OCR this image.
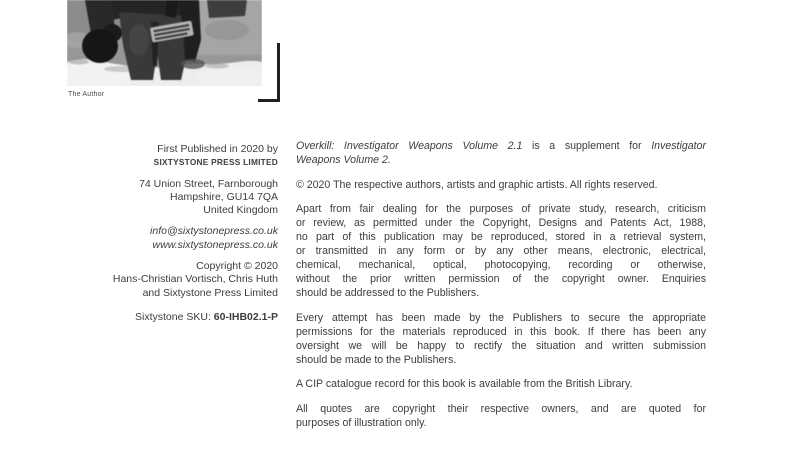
The Author
First Published in 2020 by
SIXTYSTONE PRESS LIMITED
74 Union Street, Farnborough
Hampshire, GU14 7QA
United Kingdom
info@sixtystonepress.co.uk
www.sixtystonepress.co.uk
Copyright © 2020
Hans-Christian Vortisch, Chris Huth
and Sixtystone Press Limited
Sixtystone SKU: 60-IHB02.1-P
Overkill: Investigator Weapons Volume 2.1 is a supplement for Investigator
Weapons Volume 2.
© 2020 The respective authors, artists and graphic artists. All rights reserved.
Apart from fair dealing for the purposes of private study, research, criticism
or review, as permitted under the Copyright, Designs and Patents Act, 1988,
no part of this publication may be reproduced, stored in a retrieval system,
or transmitted in any form or by any other means, electronic, electrical,
chemical, mechanical, optical, photocopying, recording or otherwise,
without the prior written permission of the copyright owner. Enquiries
should be addressed to the Publishers.
Every attempt has been made by the Publishers to secure the appropriate
permissions for the materials reproduced in this book. If there has been any
oversight we will be happy to rectify the situation and written submission
should be made to the Publishers.
A CIP catalogue record for this book is available from the British Library.
All quotes are copyright their respective owners, and are quoted for
purposes of illustration only.
